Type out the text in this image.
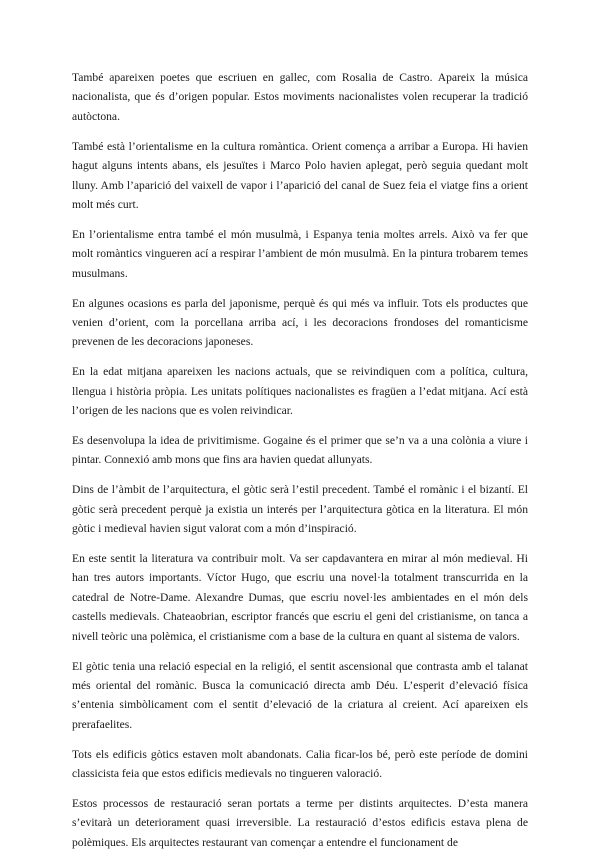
També apareixen poetes que escriuen en gallec, com Rosalia de Castro. Apareix la música nacionalista, que és d’origen popular. Estos moviments nacionalistes volen recuperar la tradició autòctona.

També està l’orientalisme en la cultura romàntica. Orient comença a arribar a Europa. Hi havien hagut alguns intents abans, els jesuïtes i Marco Polo havien aplegat, però seguia quedant molt lluny. Amb l’aparició del vaixell de vapor i l’aparició del canal de Suez feia el viatge fins a orient molt més curt.

En l’orientalisme entra també el món musulmà, i Espanya tenia moltes arrels. Això va fer que molt romàntics vingueren ací a respirar l’ambient de món musulmà. En la pintura trobarem temes musulmans.

En algunes ocasions es parla del japonisme, perquè és qui més va influir. Tots els productes que venien d’orient, com la porcellana arriba ací, i les decoracions frondoses del romanticisme prevenen de les decoracions japoneses.

En la edat mitjana apareixen les nacions actuals, que se reivindiquen com a política, cultura, llengua i història pròpia. Les unitats polítiques nacionalistes es fragüen a l’edat mitjana. Ací està l’origen de les nacions que es volen reivindicar.

Es desenvolupa la idea de privitimisme. Gogaine és el primer que se’n va a una colònia a viure i pintar. Connexió amb mons que fins ara havien quedat allunyats.

Dins de l’àmbit de l’arquitectura, el gòtic serà l’estil precedent. També el romànic i el bizantí. El gòtic serà precedent perquè ja existia un interés per l’arquitectura gòtica en la literatura. El món gòtic i medieval havien sigut valorat com a món d’inspiració.

En este sentit la literatura va contribuir molt. Va ser capdavantera en mirar al món medieval. Hi han tres autors importants. Víctor Hugo, que escriu una novel·la totalment transcurrida en la catedral de Notre-Dame. Alexandre Dumas, que escriu novel·les ambientades en el món dels castells medievals. Chateaobrian, escriptor francés que escriu el geni del cristianisme, on tanca a nivell teòric una polèmica, el cristianisme com a base de la cultura en quant al sistema de valors.

El gòtic tenia una relació especial en la religió, el sentit ascensional que contrasta amb el talanat més oriental del romànic. Busca la comunicació directa amb Déu. L’esperit d’elevació física s’entenia simbòlicament com el sentit d’elevació de la criatura al creient. Ací apareixen els prerafaelites.

Tots els edificis gòtics estaven molt abandonats. Calia ficar-los bé, però este període de domini classicista feia que estos edificis medievals no tingueren valoració.

Estos processos de restauració seran portats a terme per distints arquitectes. D’esta manera s’evitarà un deteriorament quasi irreversible. La restauració d’estos edificis estava plena de polèmiques. Els arquitectes restaurant van començar a entendre el funcionament de
